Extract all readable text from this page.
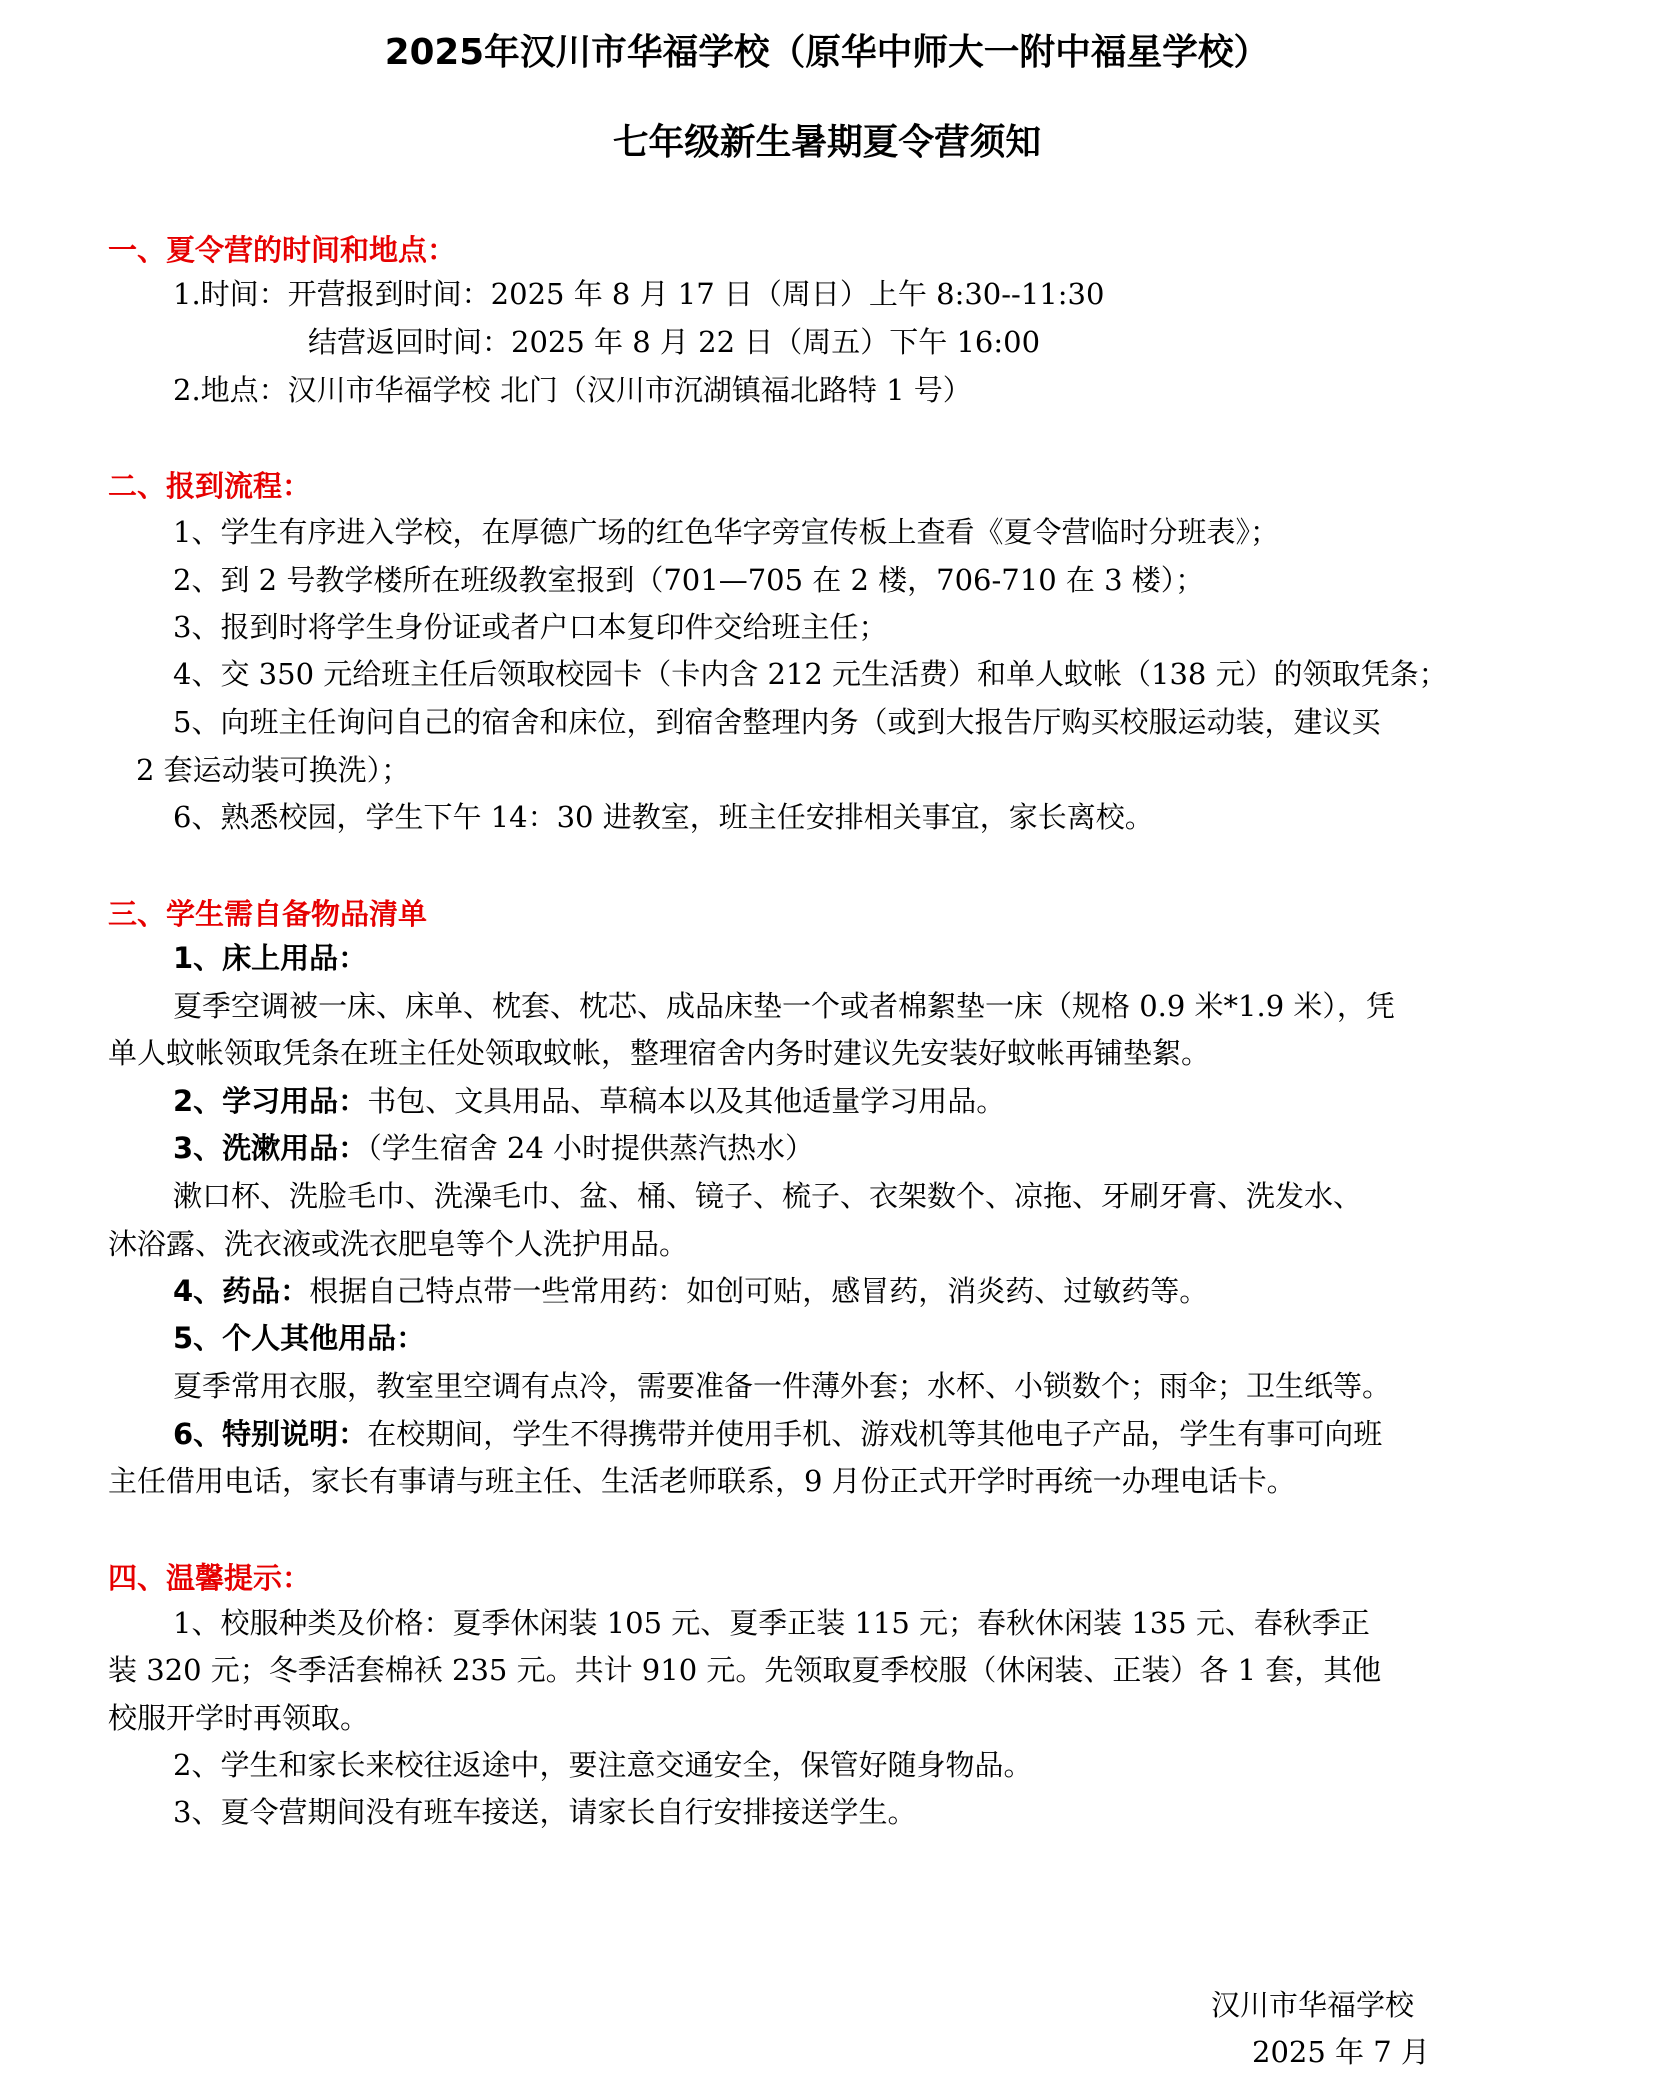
2025年汉川市华福学校（原华中师大一附中福星学校）
七年级新生暑期夏令营须知
一、夏令营的时间和地点：
1.时间：开营报到时间：2025 年 8 月 17 日（周日）上午 8:30--11:30
结营返回时间：2025 年 8 月 22 日（周五）下午 16:00
2.地点：汉川市华福学校 北门（汉川市沉湖镇福北路特 1 号）
二、报到流程：
1、学生有序进入学校，在厚德广场的红色华字旁宣传板上查看《夏令营临时分班表》；
2、到 2 号教学楼所在班级教室报到（701—705 在 2 楼，706-710 在 3 楼）；
3、报到时将学生身份证或者户口本复印件交给班主任；
4、交 350 元给班主任后领取校园卡（卡内含 212 元生活费）和单人蚊帐（138 元）的领取凭条；
5、向班主任询问自己的宿舍和床位，到宿舍整理内务（或到大报告厅购买校服运动装，建议买
2 套运动装可换洗）；
6、熟悉校园，学生下午 14：30 进教室，班主任安排相关事宜，家长离校。
三、学生需自备物品清单
1、床上用品：
夏季空调被一床、床单、枕套、枕芯、成品床垫一个或者棉絮垫一床（规格 0.9 米*1.9 米），凭
单人蚊帐领取凭条在班主任处领取蚊帐，整理宿舍内务时建议先安装好蚊帐再铺垫絮。
2、学习用品：书包、文具用品、草稿本以及其他适量学习用品。
3、洗漱用品：（学生宿舍 24 小时提供蒸汽热水）
漱口杯、洗脸毛巾、洗澡毛巾、盆、桶、镜子、梳子、衣架数个、凉拖、牙刷牙膏、洗发水、
沐浴露、洗衣液或洗衣肥皂等个人洗护用品。
4、药品：根据自己特点带一些常用药：如创可贴，感冒药，消炎药、过敏药等。
5、个人其他用品：
夏季常用衣服，教室里空调有点冷，需要准备一件薄外套；水杯、小锁数个；雨伞；卫生纸等。
6、特别说明：在校期间，学生不得携带并使用手机、游戏机等其他电子产品，学生有事可向班
主任借用电话，家长有事请与班主任、生活老师联系，9 月份正式开学时再统一办理电话卡。
四、温馨提示：
1、校服种类及价格：夏季休闲装 105 元、夏季正装 115 元；春秋休闲装 135 元、春秋季正
装 320 元；冬季活套棉袄 235 元。共计 910 元。先领取夏季校服（休闲装、正装）各 1 套，其他
校服开学时再领取。
2、学生和家长来校往返途中，要注意交通安全，保管好随身物品。
3、夏令营期间没有班车接送，请家长自行安排接送学生。
汉川市华福学校
2025 年 7 月
